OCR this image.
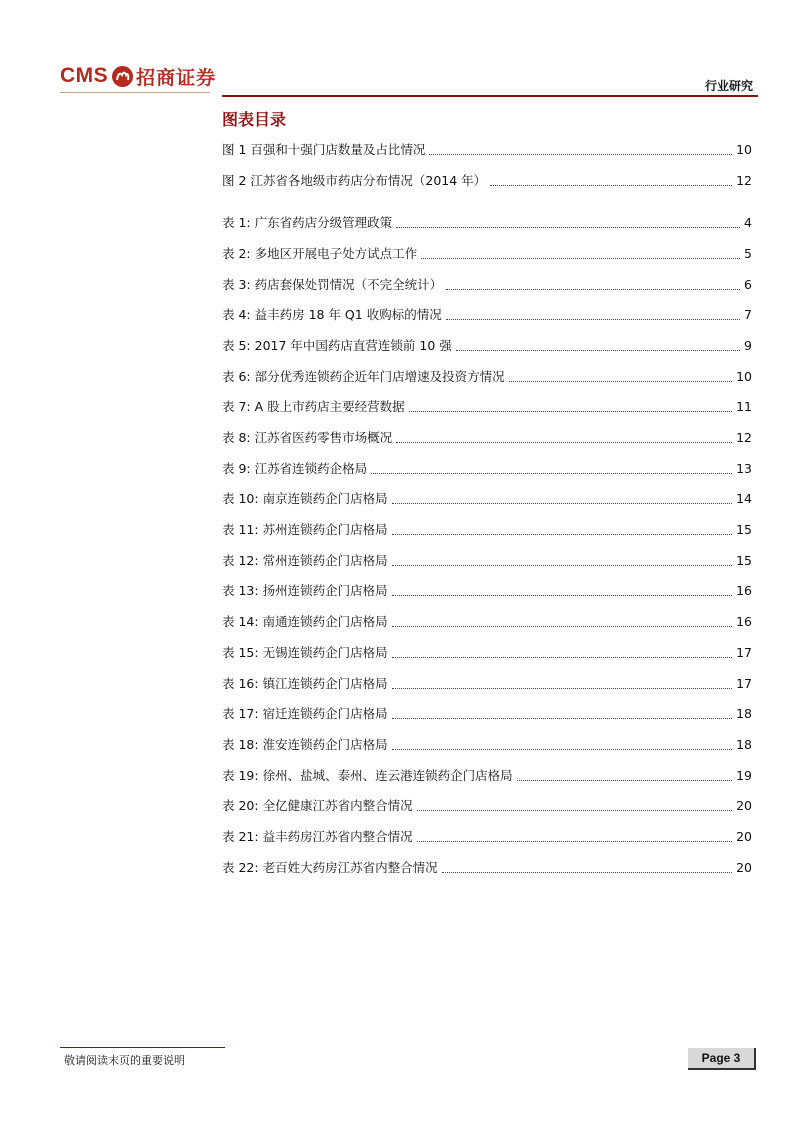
CMS 招商证券	行业研究
图表目录
图 1 百强和十强门店数量及占比情况	10
图 2 江苏省各地级市药店分布情况（2014 年）	12
表 1: 广东省药店分级管理政策	4
表 2: 多地区开展电子处方试点工作	5
表 3: 药店套保处罚情况（不完全统计）	6
表 4: 益丰药房 18 年 Q1 收购标的情况	7
表 5: 2017 年中国药店直营连锁前 10 强	9
表 6: 部分优秀连锁药企近年门店增速及投资方情况	10
表 7: A 股上市药店主要经营数据	11
表 8: 江苏省医药零售市场概况	12
表 9: 江苏省连锁药企格局	13
表 10: 南京连锁药企门店格局	14
表 11: 苏州连锁药企门店格局	15
表 12: 常州连锁药企门店格局	15
表 13: 扬州连锁药企门店格局	16
表 14: 南通连锁药企门店格局	16
表 15: 无锡连锁药企门店格局	17
表 16: 镇江连锁药企门店格局	17
表 17: 宿迁连锁药企门店格局	18
表 18: 淮安连锁药企门店格局	18
表 19: 徐州、盐城、泰州、连云港连锁药企门店格局	19
表 20: 全亿健康江苏省内整合情况	20
表 21: 益丰药房江苏省内整合情况	20
表 22: 老百姓大药房江苏省内整合情况	20
敬请阅读末页的重要说明	Page 3
